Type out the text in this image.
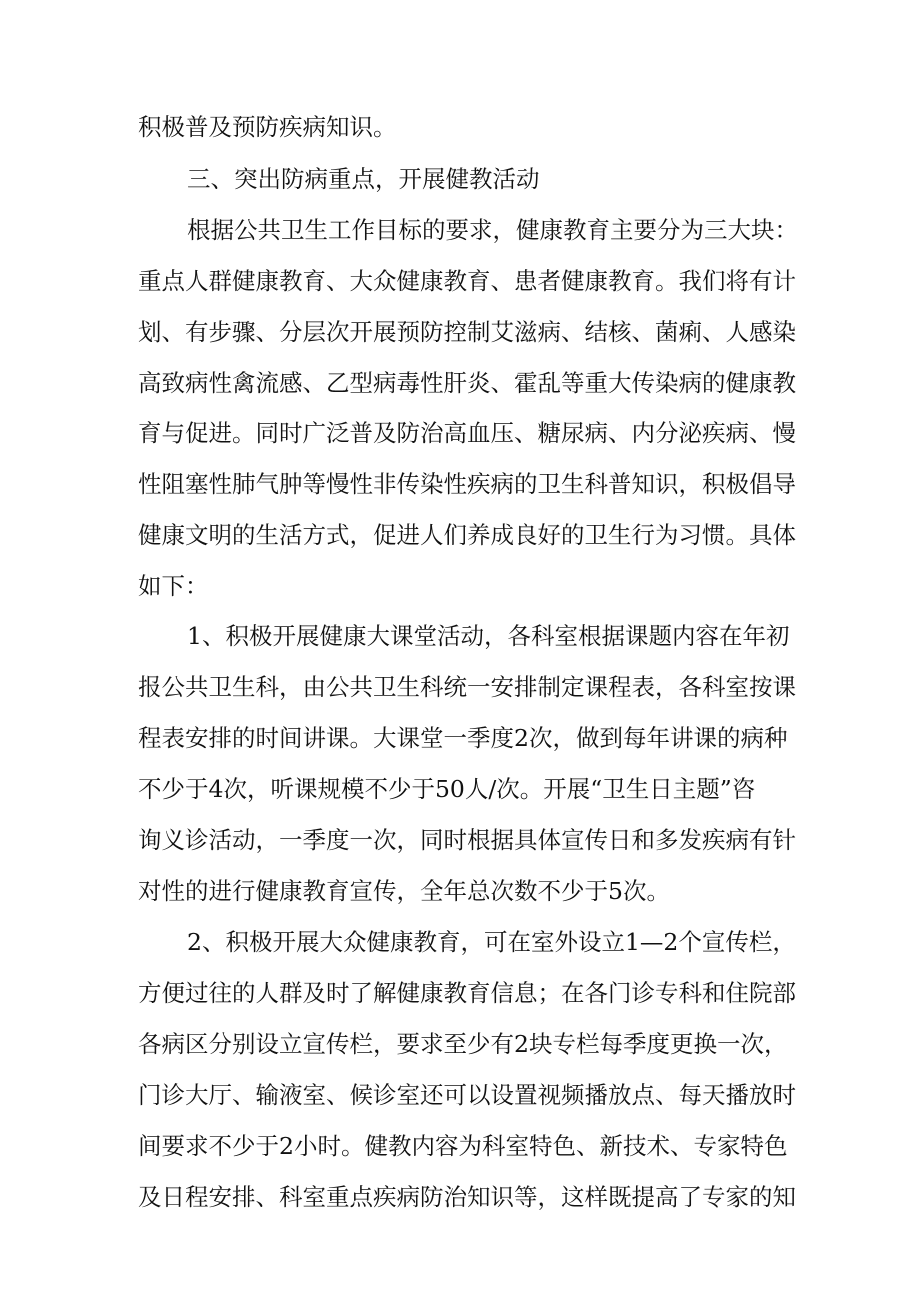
积极普及预防疾病知识。
三、突出防病重点，开展健教活动
根据公共卫生工作目标的要求，健康教育主要分为三大块：
重点人群健康教育、大众健康教育、患者健康教育。我们将有计
划、有步骤、分层次开展预防控制艾滋病、结核、菌痢、人感染
高致病性禽流感、乙型病毒性肝炎、霍乱等重大传染病的健康教
育与促进。同时广泛普及防治高血压、糖尿病、内分泌疾病、慢
性阻塞性肺气肿等慢性非传染性疾病的卫生科普知识，积极倡导
健康文明的生活方式，促进人们养成良好的卫生行为习惯。具体
如下：
1、积极开展健康大课堂活动，各科室根据课题内容在年初
报公共卫生科，由公共卫生科统一安排制定课程表，各科室按课
程表安排的时间讲课。大课堂一季度2次，做到每年讲课的病种
不少于4次，听课规模不少于50人/次。开展“卫生日主题”咨
询义诊活动，一季度一次，同时根据具体宣传日和多发疾病有针
对性的进行健康教育宣传，全年总次数不少于5次。
2、积极开展大众健康教育，可在室外设立1—2个宣传栏，
方便过往的人群及时了解健康教育信息；在各门诊专科和住院部
各病区分别设立宣传栏，要求至少有2块专栏每季度更换一次，
门诊大厅、输液室、候诊室还可以设置视频播放点、每天播放时
间要求不少于2小时。健教内容为科室特色、新技术、专家特色
及日程安排、科室重点疾病防治知识等，这样既提高了专家的知
